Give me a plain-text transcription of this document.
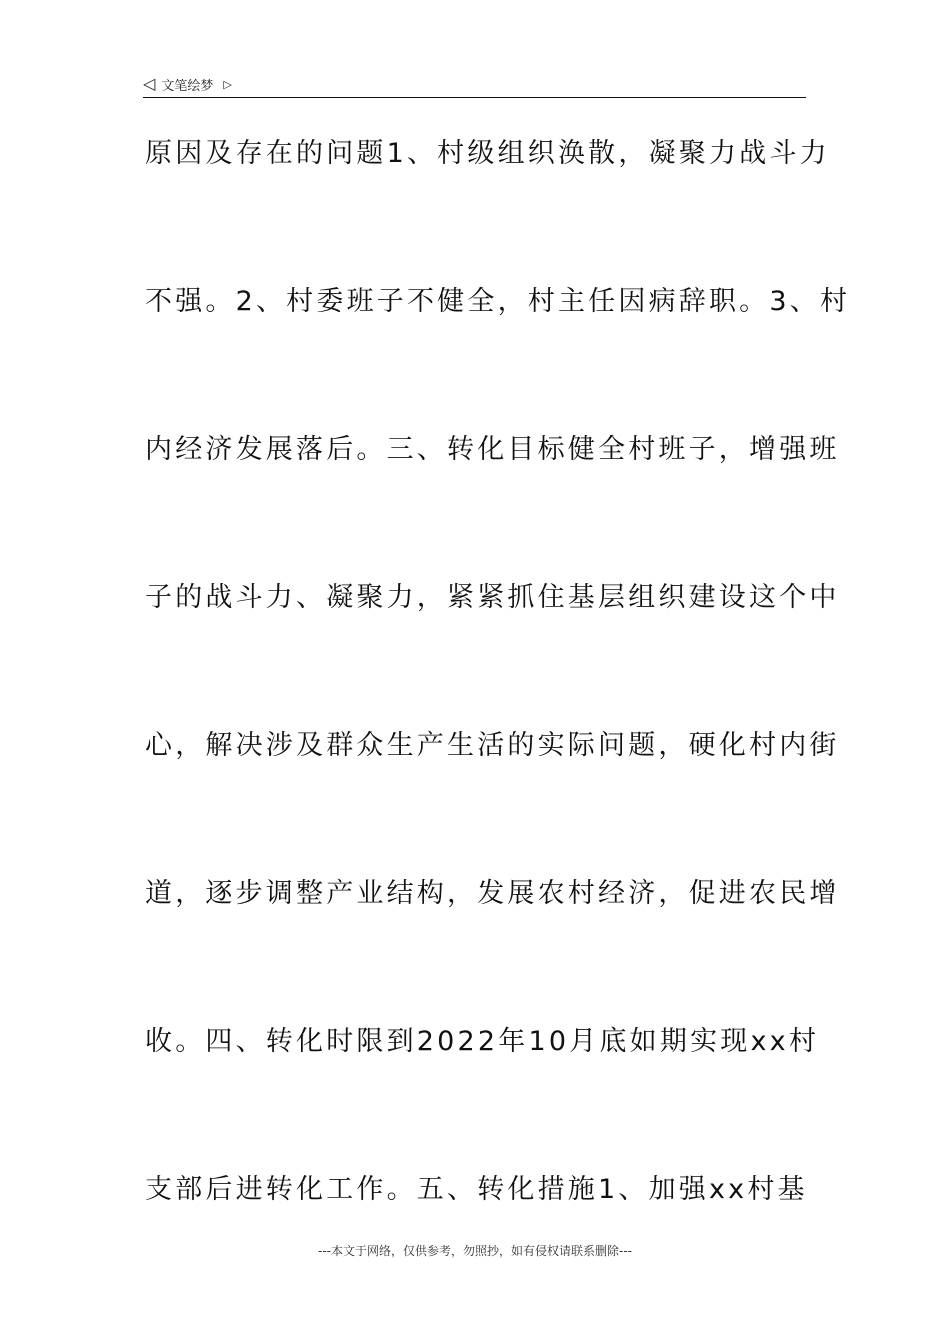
◁ 文笔绘梦 ▷
原因及存在的问题1、村级组织涣散，凝聚力战斗力
不强。2、村委班子不健全，村主任因病辞职。3、村
内经济发展落后。三、转化目标健全村班子，增强班
子的战斗力、凝聚力，紧紧抓住基层组织建设这个中
心，解决涉及群众生产生活的实际问题，硬化村内街
道，逐步调整产业结构，发展农村经济，促进农民增
收。四、转化时限到2022年10月底如期实现xx村
支部后进转化工作。五、转化措施1、加强xx村基
---本文于网络，仅供参考，勿照抄，如有侵权请联系删除---
